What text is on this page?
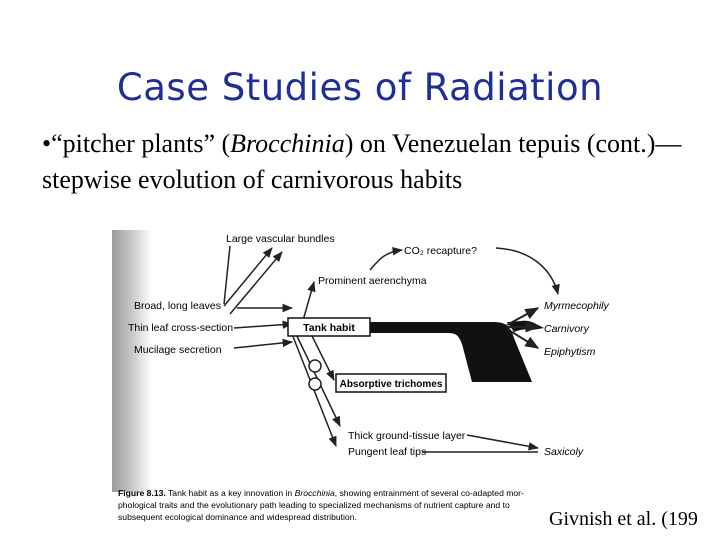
Case Studies of Radiation
•“pitcher plants” (Brocchinia) on Venezuelan tepuis (cont.)—stepwise evolution of carnivorous habits
Tank habit
Absorptive trichomes
Large vascular bundles
CO₂ recapture?
Prominent aerenchyma
Broad, long leaves
Thin leaf cross-section
Mucilage secretion
Thick ground-tissue layer
Pungent leaf tips
Myrmecophily
Carnivory
Epiphytism
Saxicoly
Figure 8.13. Tank habit as a key innovation in Brocchinia, showing entrainment of several co-adapted mor-
phological traits and the evolutionary path leading to specialized mechanisms of nutrient capture and to
subsequent ecological dominance and widespread distribution.	Givnish et al. (199
